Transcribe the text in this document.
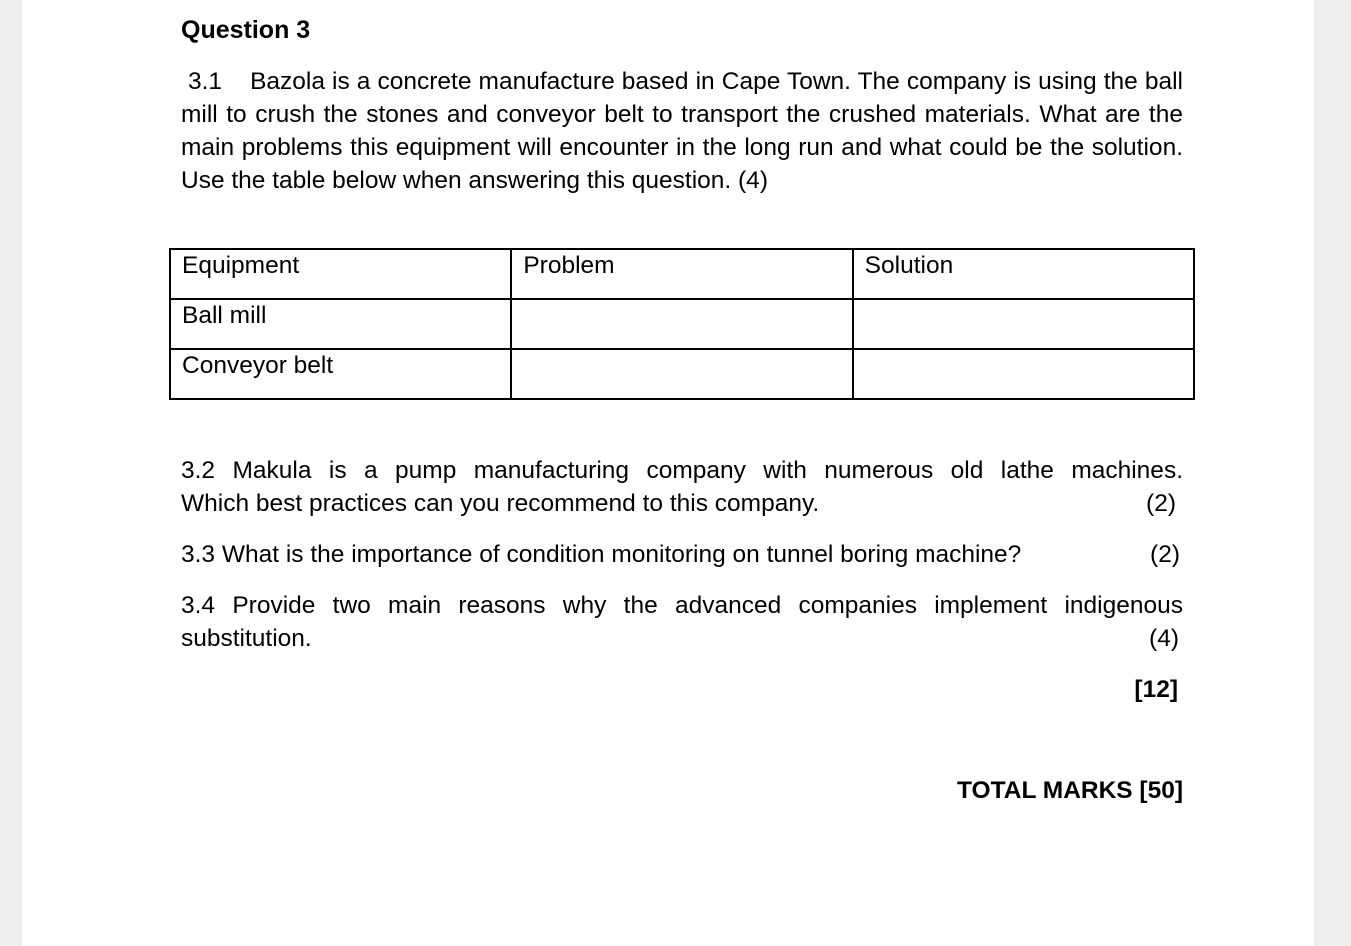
Question 3
3.1 Bazola is a concrete manufacture based in Cape Town. The company is using the ball mill to crush the stones and conveyor belt to transport the crushed materials. What are the main problems this equipment will encounter in the long run and what could be the solution. Use the table below when answering this question. (4)
Equipment	Problem	Solution
Ball mill		
Conveyor belt		
3.2 Makula is a pump manufacturing company with numerous old lathe machines.
Which best practices can you recommend to this company.	(2)
3.3 What is the importance of condition monitoring on tunnel boring machine?	(2)
3.4 Provide two main reasons why the advanced companies implement indigenous
substitution.	(4)
[12]
TOTAL MARKS [50]
